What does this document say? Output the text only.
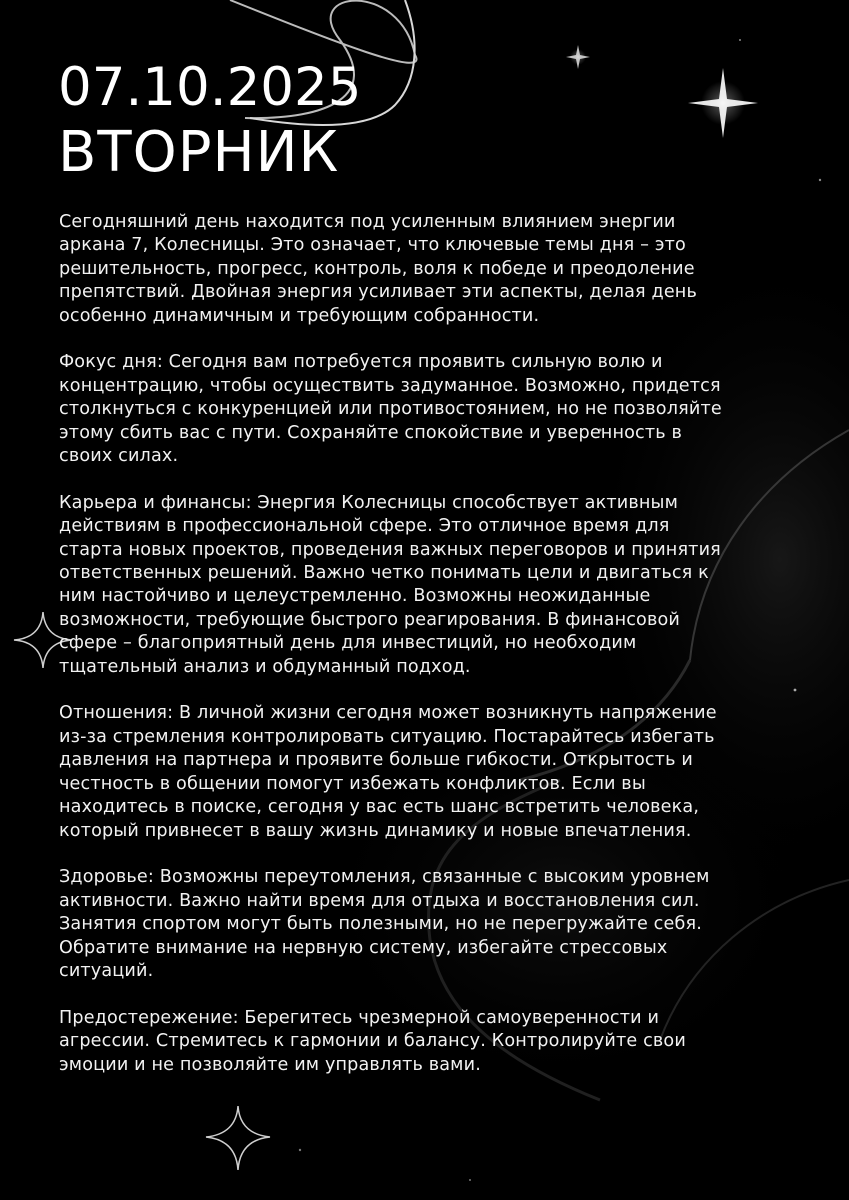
07.10.2025
ВТОРНИК

Сегодняшний день находится под усиленным влиянием энергии
аркана 7, Колесницы. Это означает, что ключевые темы дня – это
решительность, прогресс, контроль, воля к победе и преодоление
препятствий. Двойная энергия усиливает эти аспекты, делая день
особенно динамичным и требующим собранности.

Фокус дня: Сегодня вам потребуется проявить сильную волю и
концентрацию, чтобы осуществить задуманное. Возможно, придется
столкнуться с конкуренцией или противостоянием, но не позволяйте
этому сбить вас с пути. Сохраняйте спокойствие и уверенность в
своих силах.

Карьера и финансы: Энергия Колесницы способствует активным
действиям в профессиональной сфере. Это отличное время для
старта новых проектов, проведения важных переговоров и принятия
ответственных решений. Важно четко понимать цели и двигаться к
ним настойчиво и целеустремленно. Возможны неожиданные
возможности, требующие быстрого реагирования. В финансовой
сфере – благоприятный день для инвестиций, но необходим
тщательный анализ и обдуманный подход.

Отношения: В личной жизни сегодня может возникнуть напряжение
из-за стремления контролировать ситуацию. Постарайтесь избегать
давления на партнера и проявите больше гибкости. Открытость и
честность в общении помогут избежать конфликтов. Если вы
находитесь в поиске, сегодня у вас есть шанс встретить человека,
который привнесет в вашу жизнь динамику и новые впечатления.

Здоровье: Возможны переутомления, связанные с высоким уровнем
активности. Важно найти время для отдыха и восстановления сил.
Занятия спортом могут быть полезными, но не перегружайте себя.
Обратите внимание на нервную систему, избегайте стрессовых
ситуаций.

Предостережение: Берегитесь чрезмерной самоуверенности и
агрессии. Стремитесь к гармонии и балансу. Контролируйте свои
эмоции и не позволяйте им управлять вами.
